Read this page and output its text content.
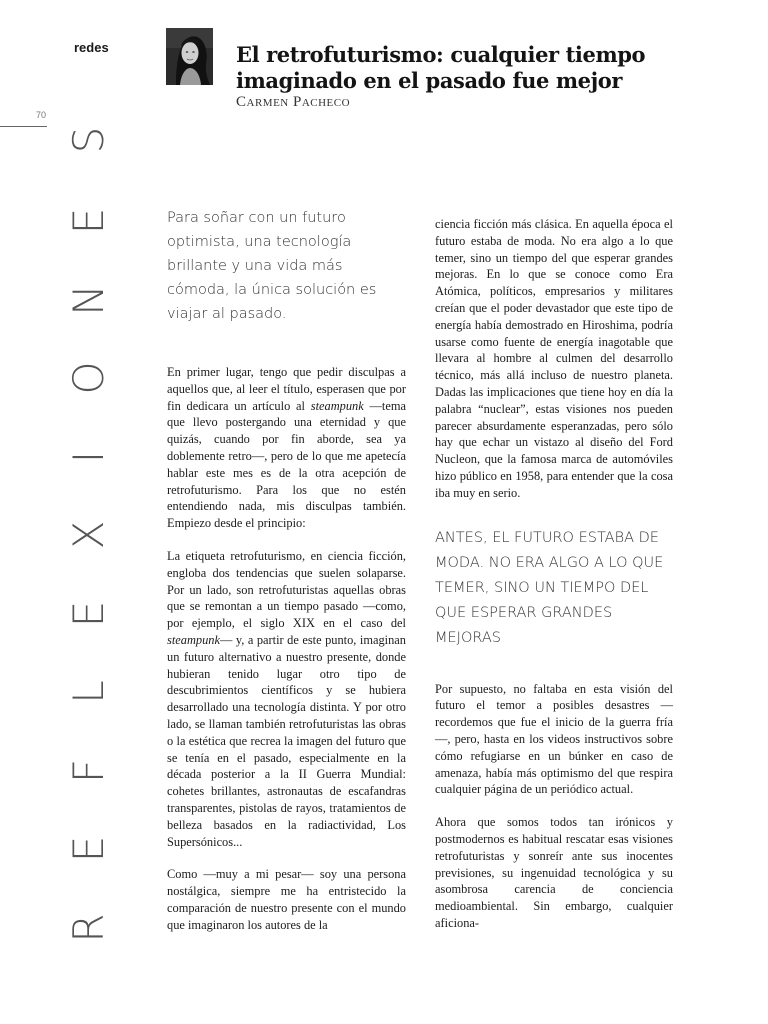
redes
70
R
E
F
L
E
X
I
O
N
E
S
El retrofuturismo: cualquier tiempo imaginado en el pasado fue mejor
Carmen Pacheco

Para soñar con un futuro optimista, una tecnología brillante y una vida más cómoda, la única solución es viajar al pasado.

En primer lugar, tengo que pedir disculpas a aquellos que, al leer el título, esperasen que por fin dedicara un artículo al steampunk —tema que llevo postergando una eternidad y que quizás, cuando por fin aborde, sea ya doblemente retro—, pero de lo que me apetecía hablar este mes es de la otra acepción de retrofuturismo. Para los que no estén entendiendo nada, mis disculpas también. Empiezo desde el principio:

La etiqueta retrofuturismo, en ciencia ficción, engloba dos tendencias que suelen solaparse. Por un lado, son retrofuturistas aquellas obras que se remontan a un tiempo pasado —como, por ejemplo, el siglo XIX en el caso del steampunk— y, a partir de este punto, imaginan un futuro alternativo a nuestro presente, donde hubieran tenido lugar otro tipo de descubrimientos científicos y se hubiera desarrollado una tecnología distinta. Y por otro lado, se llaman también retrofuturistas las obras o la estética que recrea la imagen del futuro que se tenía en el pasado, especialmente en la década posterior a la II Guerra Mundial: cohetes brillantes, astronautas de escafandras transparentes, pistolas de rayos, tratamientos de belleza basados en la radiactividad, Los Supersónicos...

Como —muy a mi pesar— soy una persona nostálgica, siempre me ha entristecido la comparación de nuestro presente con el mundo que imaginaron los autores de la

ciencia ficción más clásica. En aquella época el futuro estaba de moda. No era algo a lo que temer, sino un tiempo del que esperar grandes mejoras. En lo que se conoce como Era Atómica, políticos, empresarios y militares creían que el poder devastador que este tipo de energía había demostrado en Hiroshima, podría usarse como fuente de energía inagotable que llevara al hombre al culmen del desarrollo técnico, más allá incluso de nuestro planeta. Dadas las implicaciones que tiene hoy en día la palabra “nuclear”, estas visiones nos pueden parecer absurdamente esperanzadas, pero sólo hay que echar un vistazo al diseño del Ford Nucleon, que la famosa marca de automóviles hizo público en 1958, para entender que la cosa iba muy en serio.

ANTES, EL FUTURO ESTABA DE MODA. NO ERA ALGO A LO QUE TEMER, SINO UN TIEMPO DEL QUE ESPERAR GRANDES MEJORAS

Por supuesto, no faltaba en esta visión del futuro el temor a posibles desastres —recordemos que fue el inicio de la guerra fría—, pero, hasta en los videos instructivos sobre cómo refugiarse en un búnker en caso de amenaza, había más optimismo del que respira cualquier página de un periódico actual.

Ahora que somos todos tan irónicos y postmodernos es habitual rescatar esas visiones retrofuturistas y sonreír ante sus inocentes previsiones, su ingenuidad tecnológica y su asombrosa carencia de conciencia medioambiental. Sin embargo, cualquier aficiona-
